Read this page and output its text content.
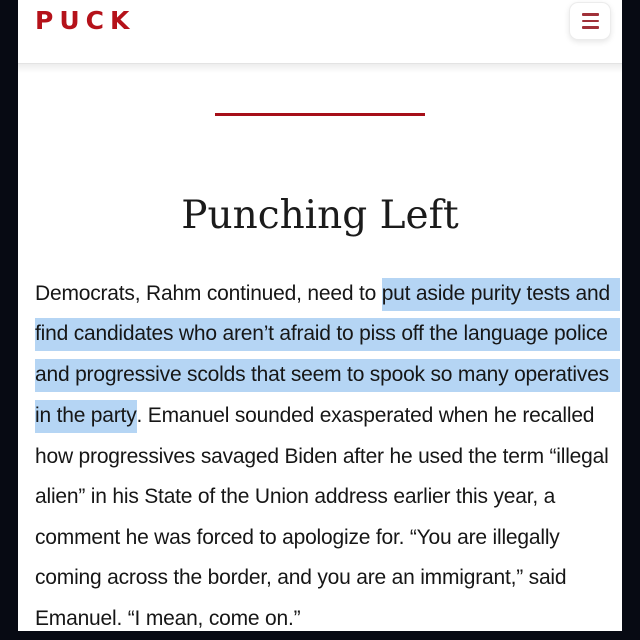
PUCK
Punching Left
Democrats, Rahm continued, need to put aside purity tests and
find candidates who aren’t afraid to piss off the language police
and progressive scolds that seem to spook so many operatives
in the party . Emanuel sounded exasperated when he recalled
how progressives savaged Biden after he used the term “illegal
alien” in his State of the Union address earlier this year, a
comment he was forced to apologize for. “You are illegally
coming across the border, and you are an immigrant,” said
Emanuel. “I mean, come on.”
